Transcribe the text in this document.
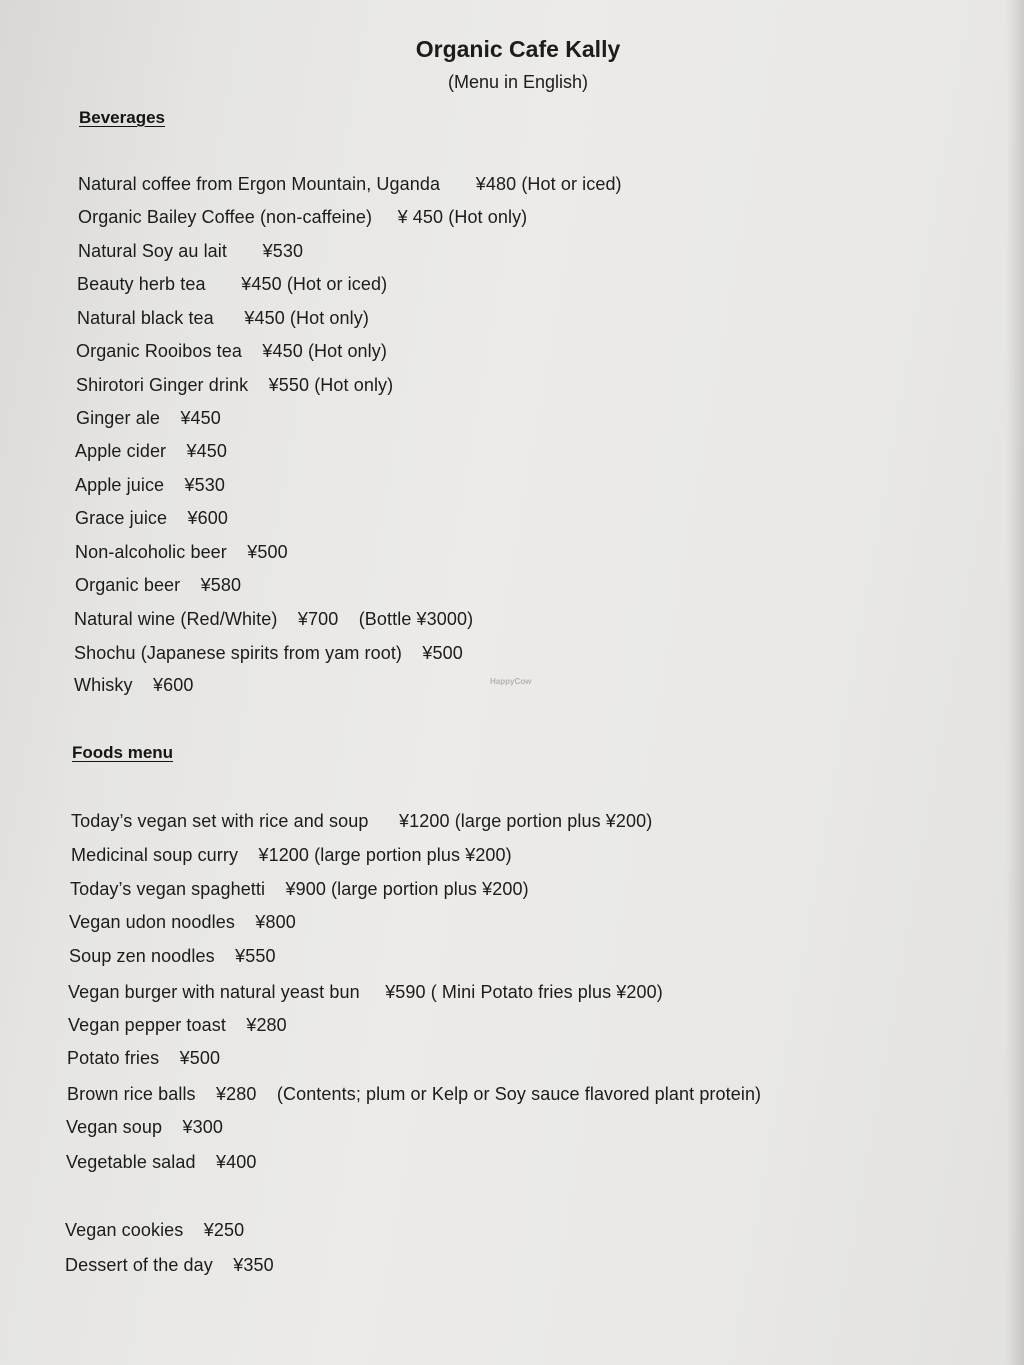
Organic Cafe Kally
(Menu in English)
Beverages
Natural coffee from Ergon Mountain, Uganda       ¥480 (Hot or iced)
Organic Bailey Coffee (non-caffeine)     ¥ 450 (Hot only)
Natural Soy au lait       ¥530
Beauty herb tea       ¥450 (Hot or iced)
Natural black tea      ¥450 (Hot only)
Organic Rooibos tea    ¥450 (Hot only)
Shirotori Ginger drink    ¥550 (Hot only)
Ginger ale    ¥450
Apple cider    ¥450
Apple juice    ¥530
Grace juice    ¥600
Non-alcoholic beer    ¥500
Organic beer    ¥580
Natural wine (Red/White)    ¥700    (Bottle ¥3000)
Shochu (Japanese spirits from yam root)    ¥500
Whisky    ¥600	HappyCow
Foods menu
Today’s vegan set with rice and soup      ¥1200 (large portion plus ¥200)
Medicinal soup curry    ¥1200 (large portion plus ¥200)
Today’s vegan spaghetti    ¥900 (large portion plus ¥200)
Vegan udon noodles    ¥800
Soup zen noodles    ¥550
Vegan burger with natural yeast bun     ¥590 ( Mini Potato fries plus ¥200)
Vegan pepper toast    ¥280
Potato fries    ¥500
Brown rice balls    ¥280    (Contents; plum or Kelp or Soy sauce flavored plant protein)
Vegan soup    ¥300
Vegetable salad    ¥400
Vegan cookies    ¥250
Dessert of the day    ¥350
